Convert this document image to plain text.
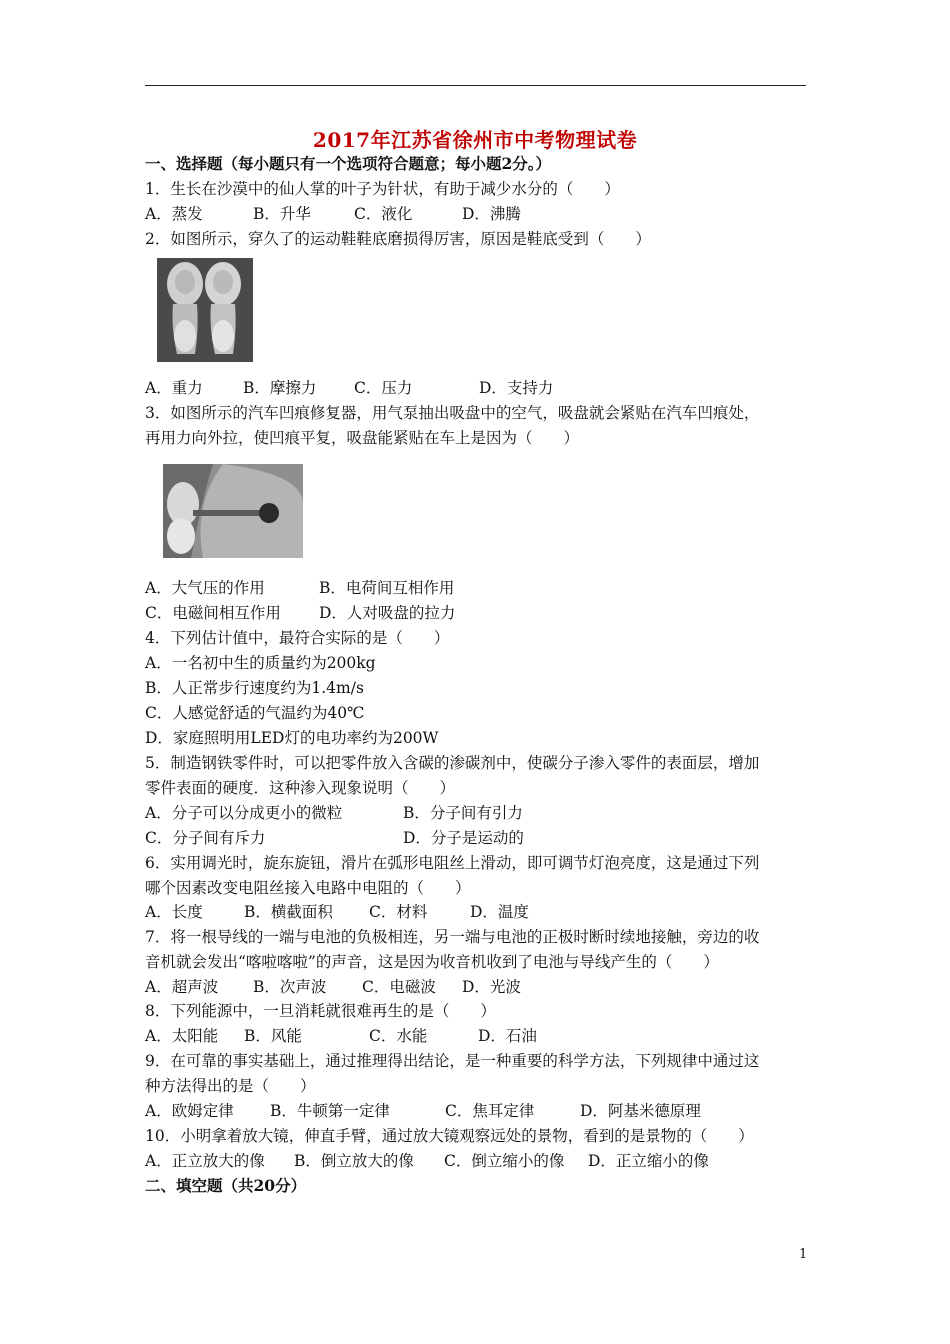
2017年江苏省徐州市中考物理试卷
一、选择题（每小题只有一个选项符合题意；每小题2分。）
1．生长在沙漠中的仙人掌的叶子为针状，有助于减少水分的（　　）
A．蒸发	B．升华	C．液化	D．沸腾
2．如图所示，穿久了的运动鞋鞋底磨损得厉害，原因是鞋底受到（　　）
A．重力	B．摩擦力 C．压力	D．支持力
3．如图所示的汽车凹痕修复器，用气泵抽出吸盘中的空气，吸盘就会紧贴在汽车凹痕处，
再用力向外拉，使凹痕平复，吸盘能紧贴在车上是因为（　　）
A．大气压的作用	B．电荷间互相作用
C．电磁间相互作用 D．人对吸盘的拉力
4．下列估计值中，最符合实际的是（　　）
A．一名初中生的质量约为200kg
B．人正常步行速度约为1.4m/s
C．人感觉舒适的气温约为40℃
D．家庭照明用LED灯的电功率约为200W
5．制造钢铁零件时，可以把零件放入含碳的渗碳剂中，使碳分子渗入零件的表面层，增加
零件表面的硬度．这种渗入现象说明（　　）
A．分子可以分成更小的微粒	B．分子间有引力
C．分子间有斥力	D．分子是运动的
6．实用调光时，旋东旋钮，滑片在弧形电阻丝上滑动，即可调节灯泡亮度，这是通过下列
哪个因素改变电阻丝接入电路中电阻的（　　）
A．长度	B．横截面积 C．材料	D．温度
7．将一根导线的一端与电池的负极相连，另一端与电池的正极时断时续地接触，旁边的收
音机就会发出“喀啦喀啦”的声音，这是因为收音机收到了电池与导线产生的（　　）
A．超声波 B．次声波 C．电磁波 D．光波
8．下列能源中，一旦消耗就很难再生的是（　　）
A．太阳能 B．风能	C．水能	D．石油
9．在可靠的事实基础上，通过推理得出结论，是一种重要的科学方法，下列规律中通过这
种方法得出的是（　　）
A．欧姆定律 B．牛顿第一定律	C．焦耳定律	D．阿基米德原理
10．小明拿着放大镜，伸直手臂，通过放大镜观察远处的景物，看到的是景物的（　　）
A．正立放大的像 B．倒立放大的像 C．倒立缩小的像 D．正立缩小的像
二、填空题（共20分）
1
